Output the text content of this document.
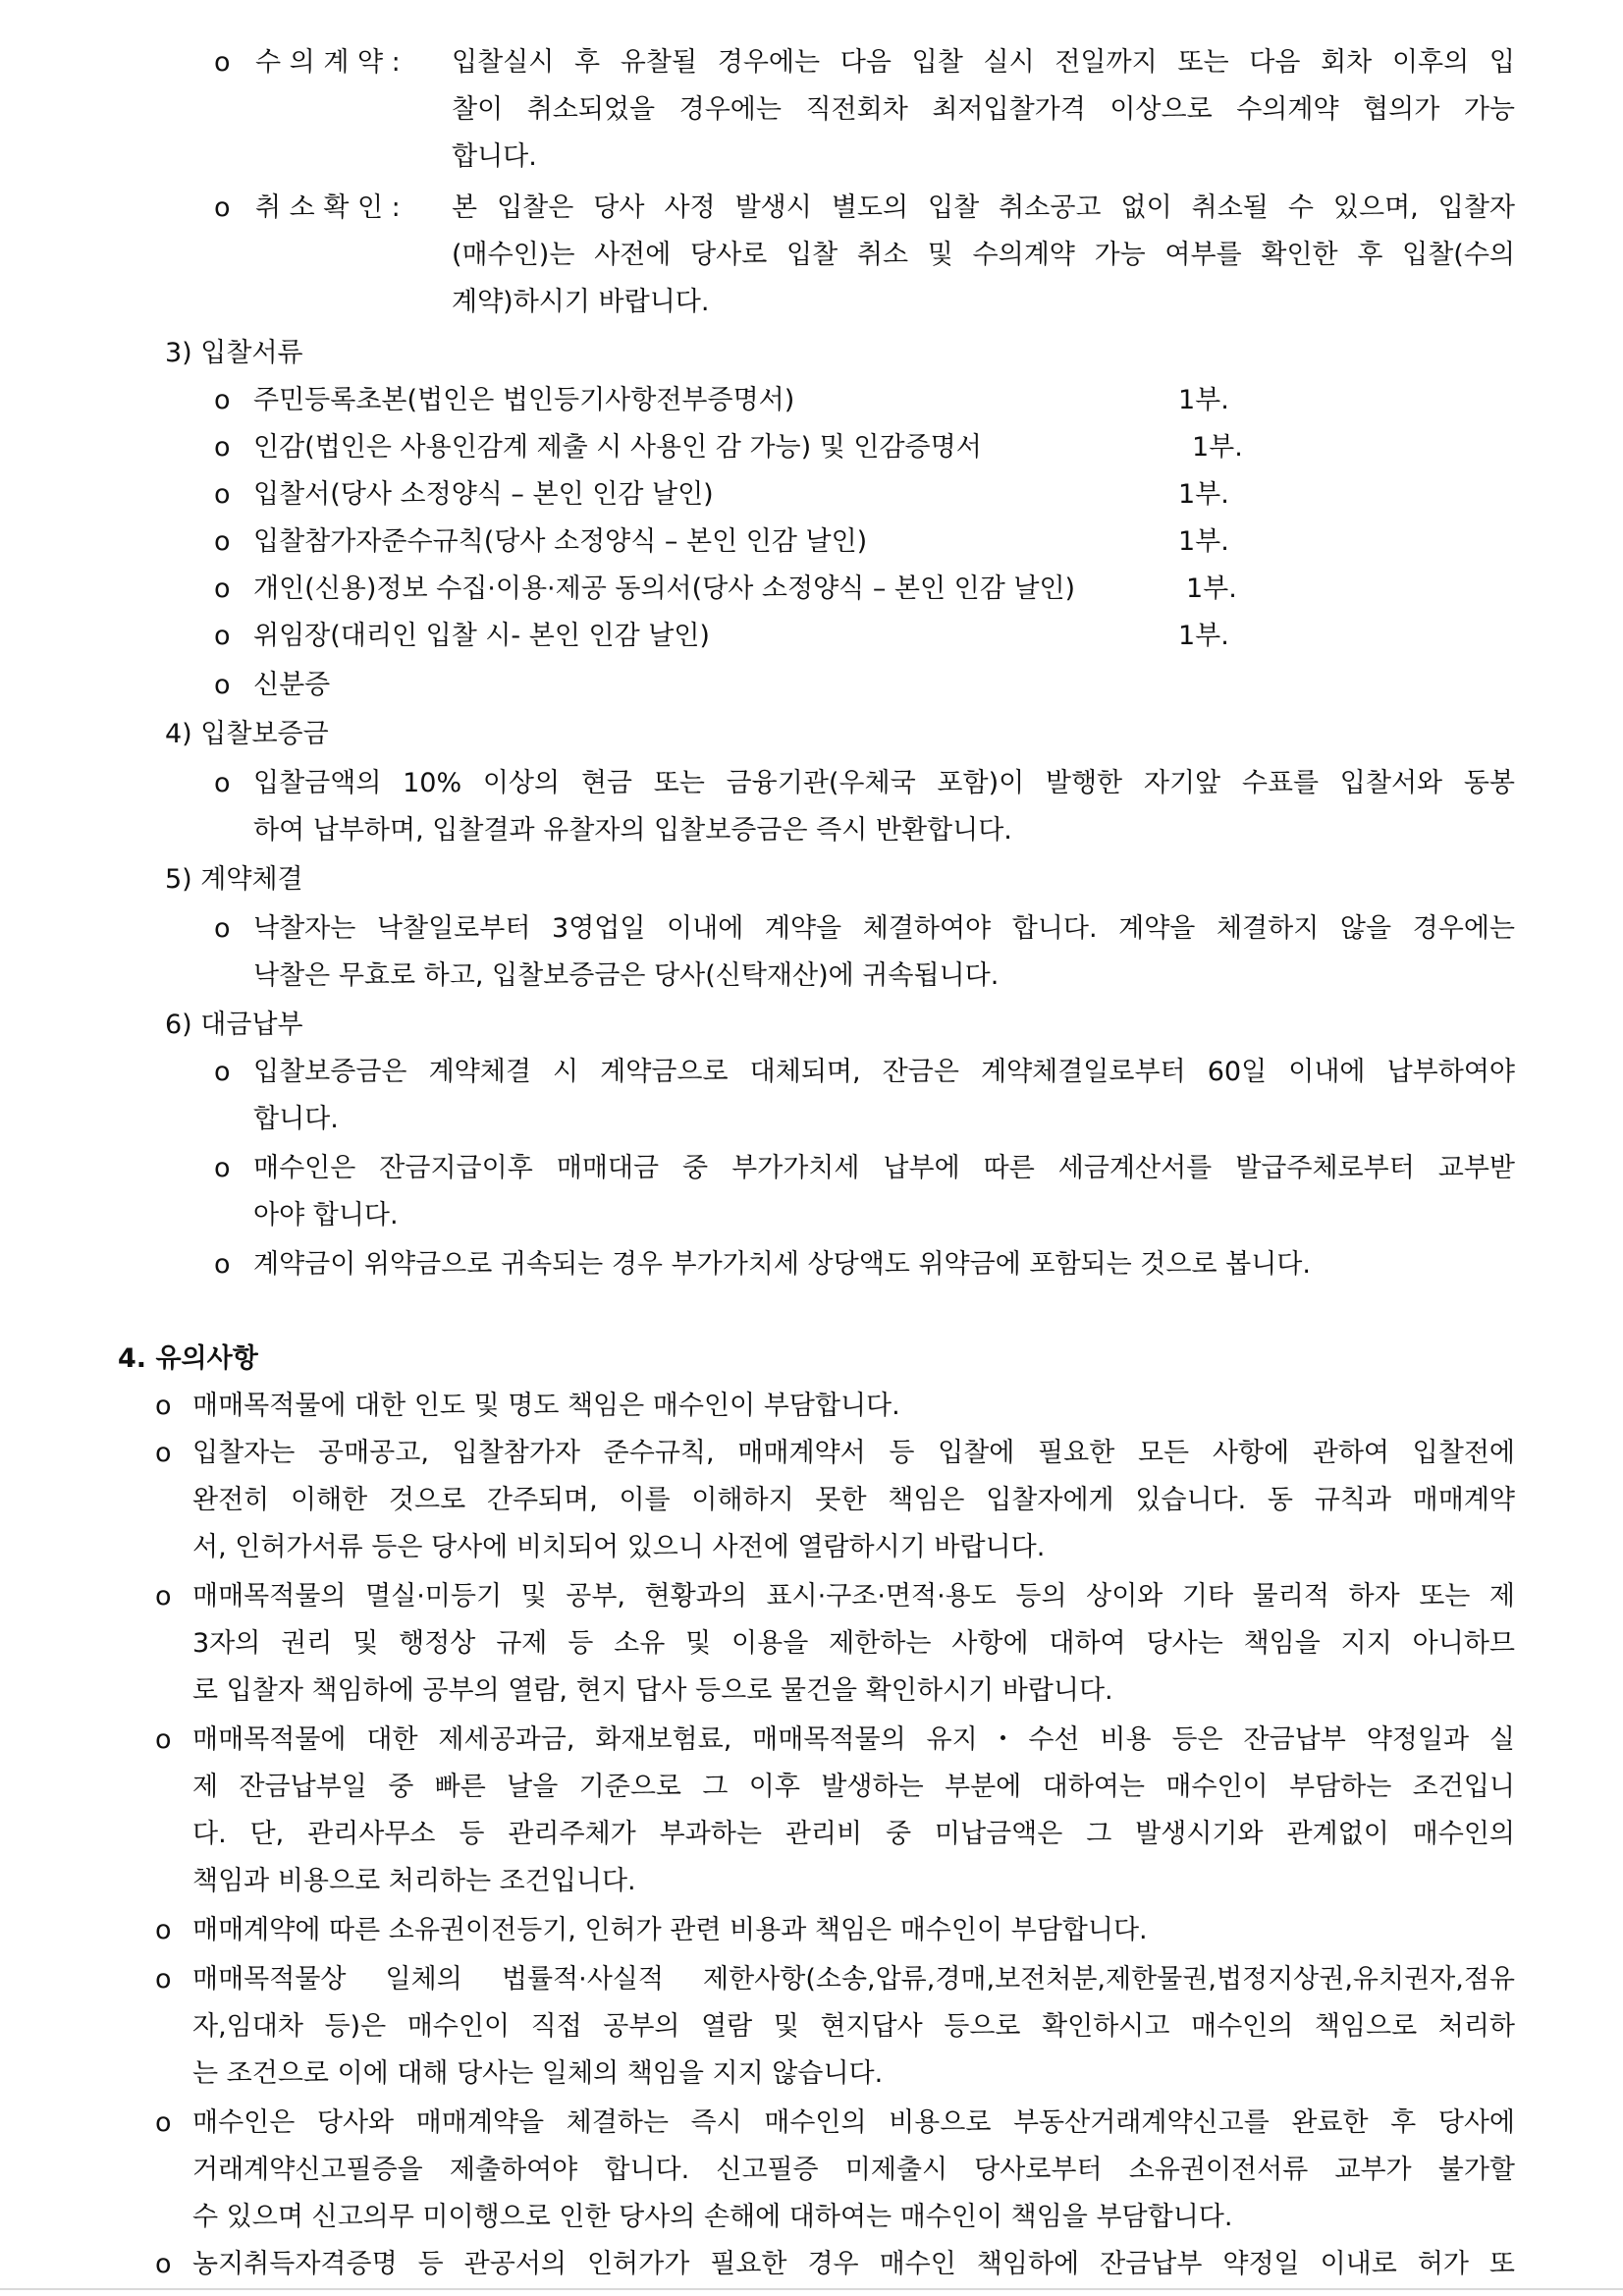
ο 수 의 계 약 : 입찰실시 후 유찰될 경우에는 다음 입찰 실시 전일까지 또는 다음 회차 이후의 입
찰이 취소되었을 경우에는 직전회차 최저입찰가격 이상으로 수의계약 협의가 가능
합니다.
ο 취 소 확 인 : 본 입찰은 당사 사정 발생시 별도의 입찰 취소공고 없이 취소될 수 있으며, 입찰자
(매수인)는 사전에 당사로 입찰 취소 및 수의계약 가능 여부를 확인한 후 입찰(수의
계약)하시기 바랍니다.
3) 입찰서류
ο 주민등록초본(법인은 법인등기사항전부증명서)	1부.
ο 인감(법인은 사용인감계 제출 시 사용인 감 가능) 및 인감증명서	1부.
ο 입찰서(당사 소정양식 – 본인 인감 날인)	1부.
ο 입찰참가자준수규칙(당사 소정양식 – 본인 인감 날인)	1부.
ο 개인(신용)정보 수집·이용·제공 동의서(당사 소정양식 – 본인 인감 날인)	1부.
ο 위임장(대리인 입찰 시- 본인 인감 날인)	1부.
ο 신분증
4) 입찰보증금
ο 입찰금액의 10% 이상의 현금 또는 금융기관(우체국 포함)이 발행한 자기앞 수표를 입찰서와 동봉
하여 납부하며, 입찰결과 유찰자의 입찰보증금은 즉시 반환합니다.
5) 계약체결
ο 낙찰자는 낙찰일로부터 3영업일 이내에 계약을 체결하여야 합니다. 계약을 체결하지 않을 경우에는
낙찰은 무효로 하고, 입찰보증금은 당사(신탁재산)에 귀속됩니다.
6) 대금납부
ο 입찰보증금은 계약체결 시 계약금으로 대체되며, 잔금은 계약체결일로부터 60일 이내에 납부하여야
합니다.
ο 매수인은 잔금지급이후 매매대금 중 부가가치세 납부에 따른 세금계산서를 발급주체로부터 교부받
아야 합니다.
ο 계약금이 위약금으로 귀속되는 경우 부가가치세 상당액도 위약금에 포함되는 것으로 봅니다.
4. 유의사항
ο 매매목적물에 대한 인도 및 명도 책임은 매수인이 부담합니다.
ο 입찰자는 공매공고, 입찰참가자 준수규칙, 매매계약서 등 입찰에 필요한 모든 사항에 관하여 입찰전에
완전히 이해한 것으로 간주되며, 이를 이해하지 못한 책임은 입찰자에게 있습니다. 동 규칙과 매매계약
서, 인허가서류 등은 당사에 비치되어 있으니 사전에 열람하시기 바랍니다.
ο 매매목적물의 멸실·미등기 및 공부, 현황과의 표시·구조·면적·용도 등의 상이와 기타 물리적 하자 또는 제
3자의 권리 및 행정상 규제 등 소유 및 이용을 제한하는 사항에 대하여 당사는 책임을 지지 아니하므
로 입찰자 책임하에 공부의 열람, 현지 답사 등으로 물건을 확인하시기 바랍니다.
ο 매매목적물에 대한 제세공과금, 화재보험료, 매매목적물의 유지・수선 비용 등은 잔금납부 약정일과 실
제 잔금납부일 중 빠른 날을 기준으로 그 이후 발생하는 부분에 대하여는 매수인이 부담하는 조건입니
다. 단, 관리사무소 등 관리주체가 부과하는 관리비 중 미납금액은 그 발생시기와 관계없이 매수인의
책임과 비용으로 처리하는 조건입니다.
ο 매매계약에 따른 소유권이전등기, 인허가 관련 비용과 책임은 매수인이 부담합니다.
ο 매매목적물상 일체의 법률적·사실적 제한사항(소송,압류,경매,보전처분,제한물권,법정지상권,유치권자,점유
자,임대차 등)은 매수인이 직접 공부의 열람 및 현지답사 등으로 확인하시고 매수인의 책임으로 처리하
는 조건으로 이에 대해 당사는 일체의 책임을 지지 않습니다.
ο 매수인은 당사와 매매계약을 체결하는 즉시 매수인의 비용으로 부동산거래계약신고를 완료한 후 당사에
거래계약신고필증을 제출하여야 합니다. 신고필증 미제출시 당사로부터 소유권이전서류 교부가 불가할
수 있으며 신고의무 미이행으로 인한 당사의 손해에 대하여는 매수인이 책임을 부담합니다.
ο 농지취득자격증명 등 관공서의 인허가가 필요한 경우 매수인 책임하에 잔금납부 약정일 이내로 허가 또
